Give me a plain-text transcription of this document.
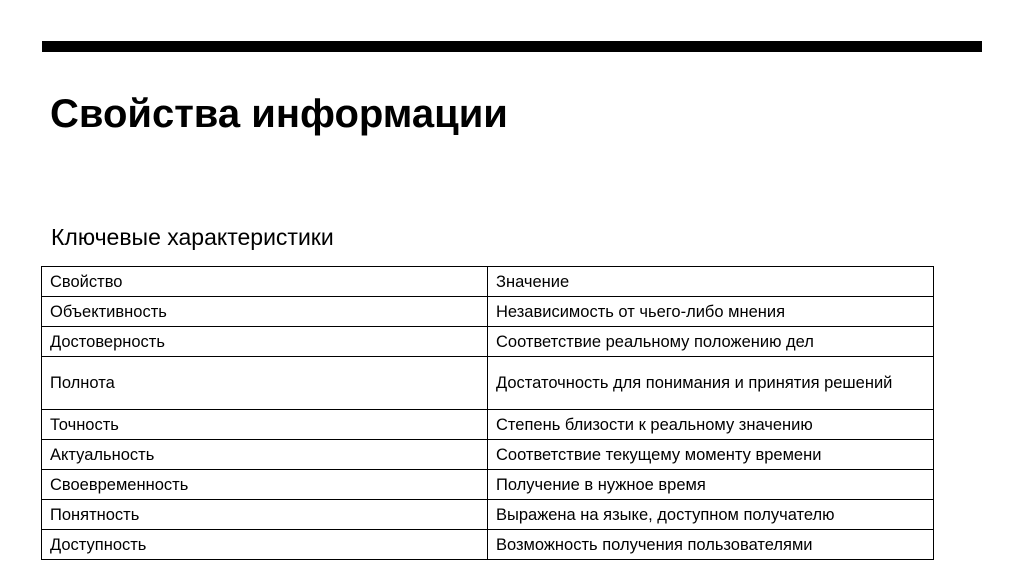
Свойства информации

Ключевые характеристики

Свойство	Значение
Объективность	Независимость от чьего-либо мнения
Достоверность	Соответствие реальному положению дел
Полнота	Достаточность для понимания и принятия решений
Точность	Степень близости к реальному значению
Актуальность	Соответствие текущему моменту времени
Своевременность	Получение в нужное время
Понятность	Выражена на языке, доступном получателю
Доступность	Возможность получения пользователями
